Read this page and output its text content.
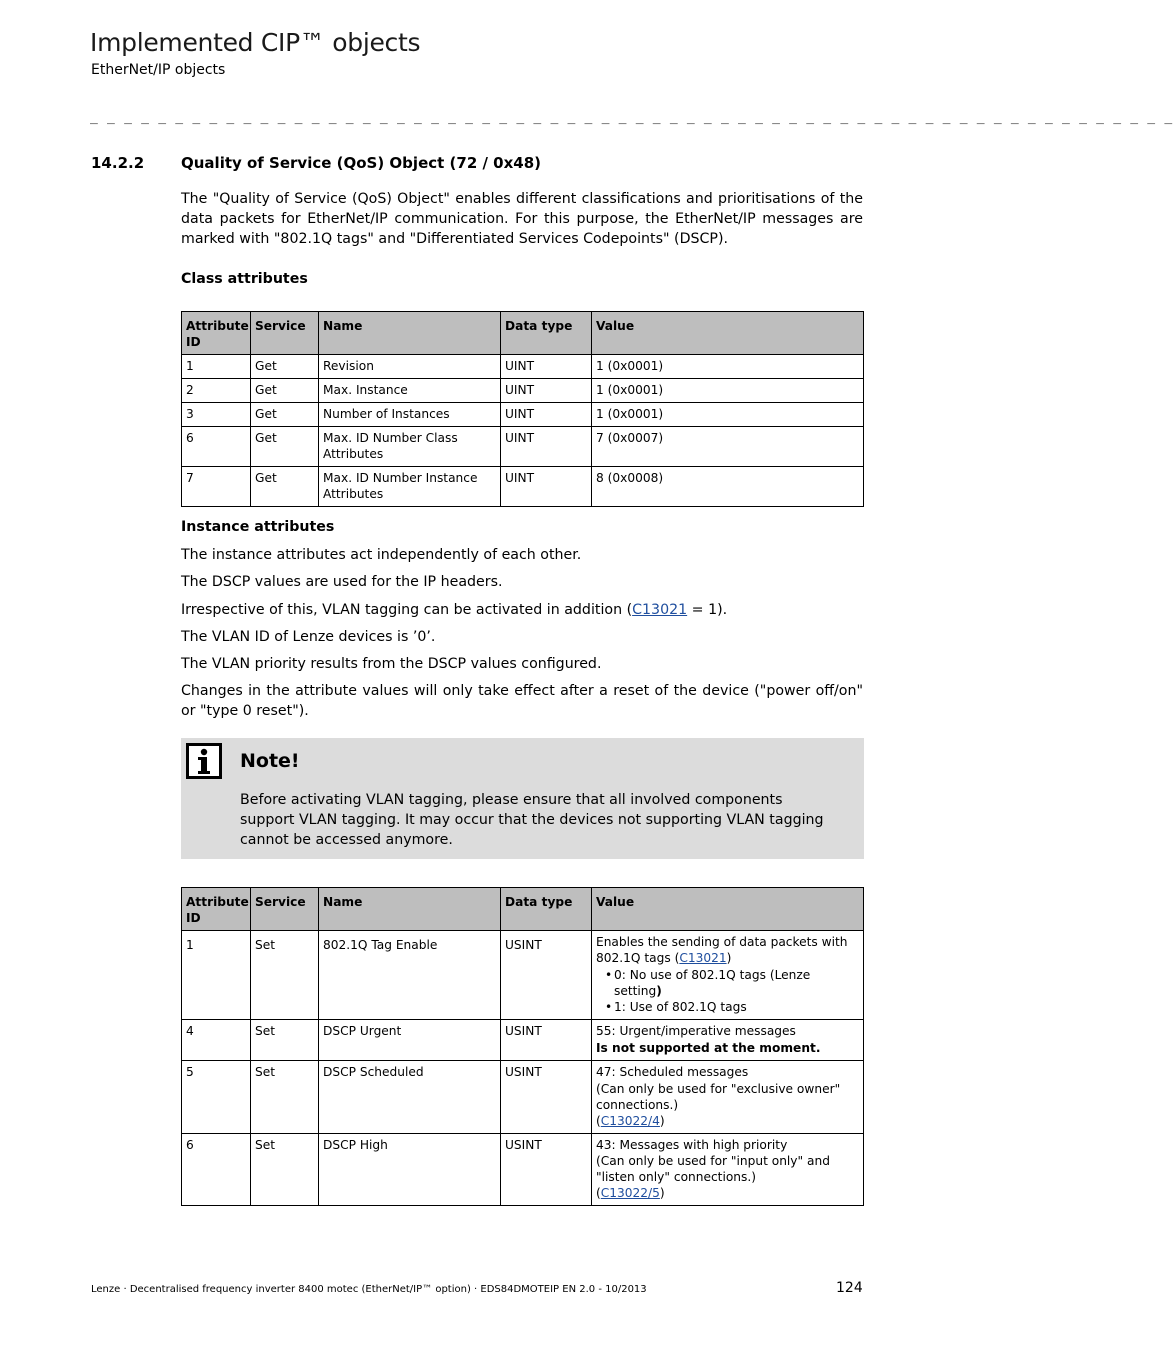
Implemented CIP™ objects
EtherNet/IP objects
_ _ _ _ _ _ _ _ _ _ _ _ _ _ _ _ _ _ _ _ _ _ _ _ _ _ _ _ _ _ _ _ _ _ _ _ _ _ _ _ _ _ _ _ _ _ _ _ _ _ _ _ _ _ _ _ _ _ _ _ _ _ _ _
14.2.2 Quality of Service (QoS) Object (72 / 0x48)
The "Quality of Service (QoS) Object" enables different classifications and prioritisations of the data packets for EtherNet/IP communication. For this purpose, the EtherNet/IP messages are marked with "802.1Q tags" and "Differentiated Services Codepoints" (DSCP).
Class attributes
Attribute ID	Service	Name	Data type	Value
1	Get	Revision	UINT	1 (0x0001)
2	Get	Max. Instance	UINT	1 (0x0001)
3	Get	Number of Instances	UINT	1 (0x0001)
6	Get	Max. ID Number Class Attributes	UINT	7 (0x0007)
7	Get	Max. ID Number Instance Attributes	UINT	8 (0x0008)
Instance attributes
The instance attributes act independently of each other.
The DSCP values are used for the IP headers.
Irrespective of this, VLAN tagging can be activated in addition (C13021 = 1).
The VLAN ID of Lenze devices is ’0’.
The VLAN priority results from the DSCP values configured.
Changes in the attribute values will only take effect after a reset of the device ("power off/on" or "type 0 reset").
Note!
Before activating VLAN tagging, please ensure that all involved components support VLAN tagging. It may occur that the devices not supporting VLAN tagging cannot be accessed anymore.
Attribute ID	Service	Name	Data type	Value
1	Set	802.1Q Tag Enable	USINT	Enables the sending of data packets with 802.1Q tags (C13021)
• 0: No use of 802.1Q tags (Lenze setting)
• 1: Use of 802.1Q tags

4	Set	DSCP Urgent	USINT	55: Urgent/imperative messages
Is not supported at the moment.

5	Set	DSCP Scheduled	USINT	47: Scheduled messages
(Can only be used for "exclusive owner" connections.)
(C13022/4)

6	Set	DSCP High	USINT	43: Messages with high priority
(Can only be used for "input only" and "listen only" connections.)
(C13022/5)
Lenze · Decentralised frequency inverter 8400 motec (EtherNet/IP™ option) · EDS84DMOTEIP EN 2.0 - 10/2013	124
